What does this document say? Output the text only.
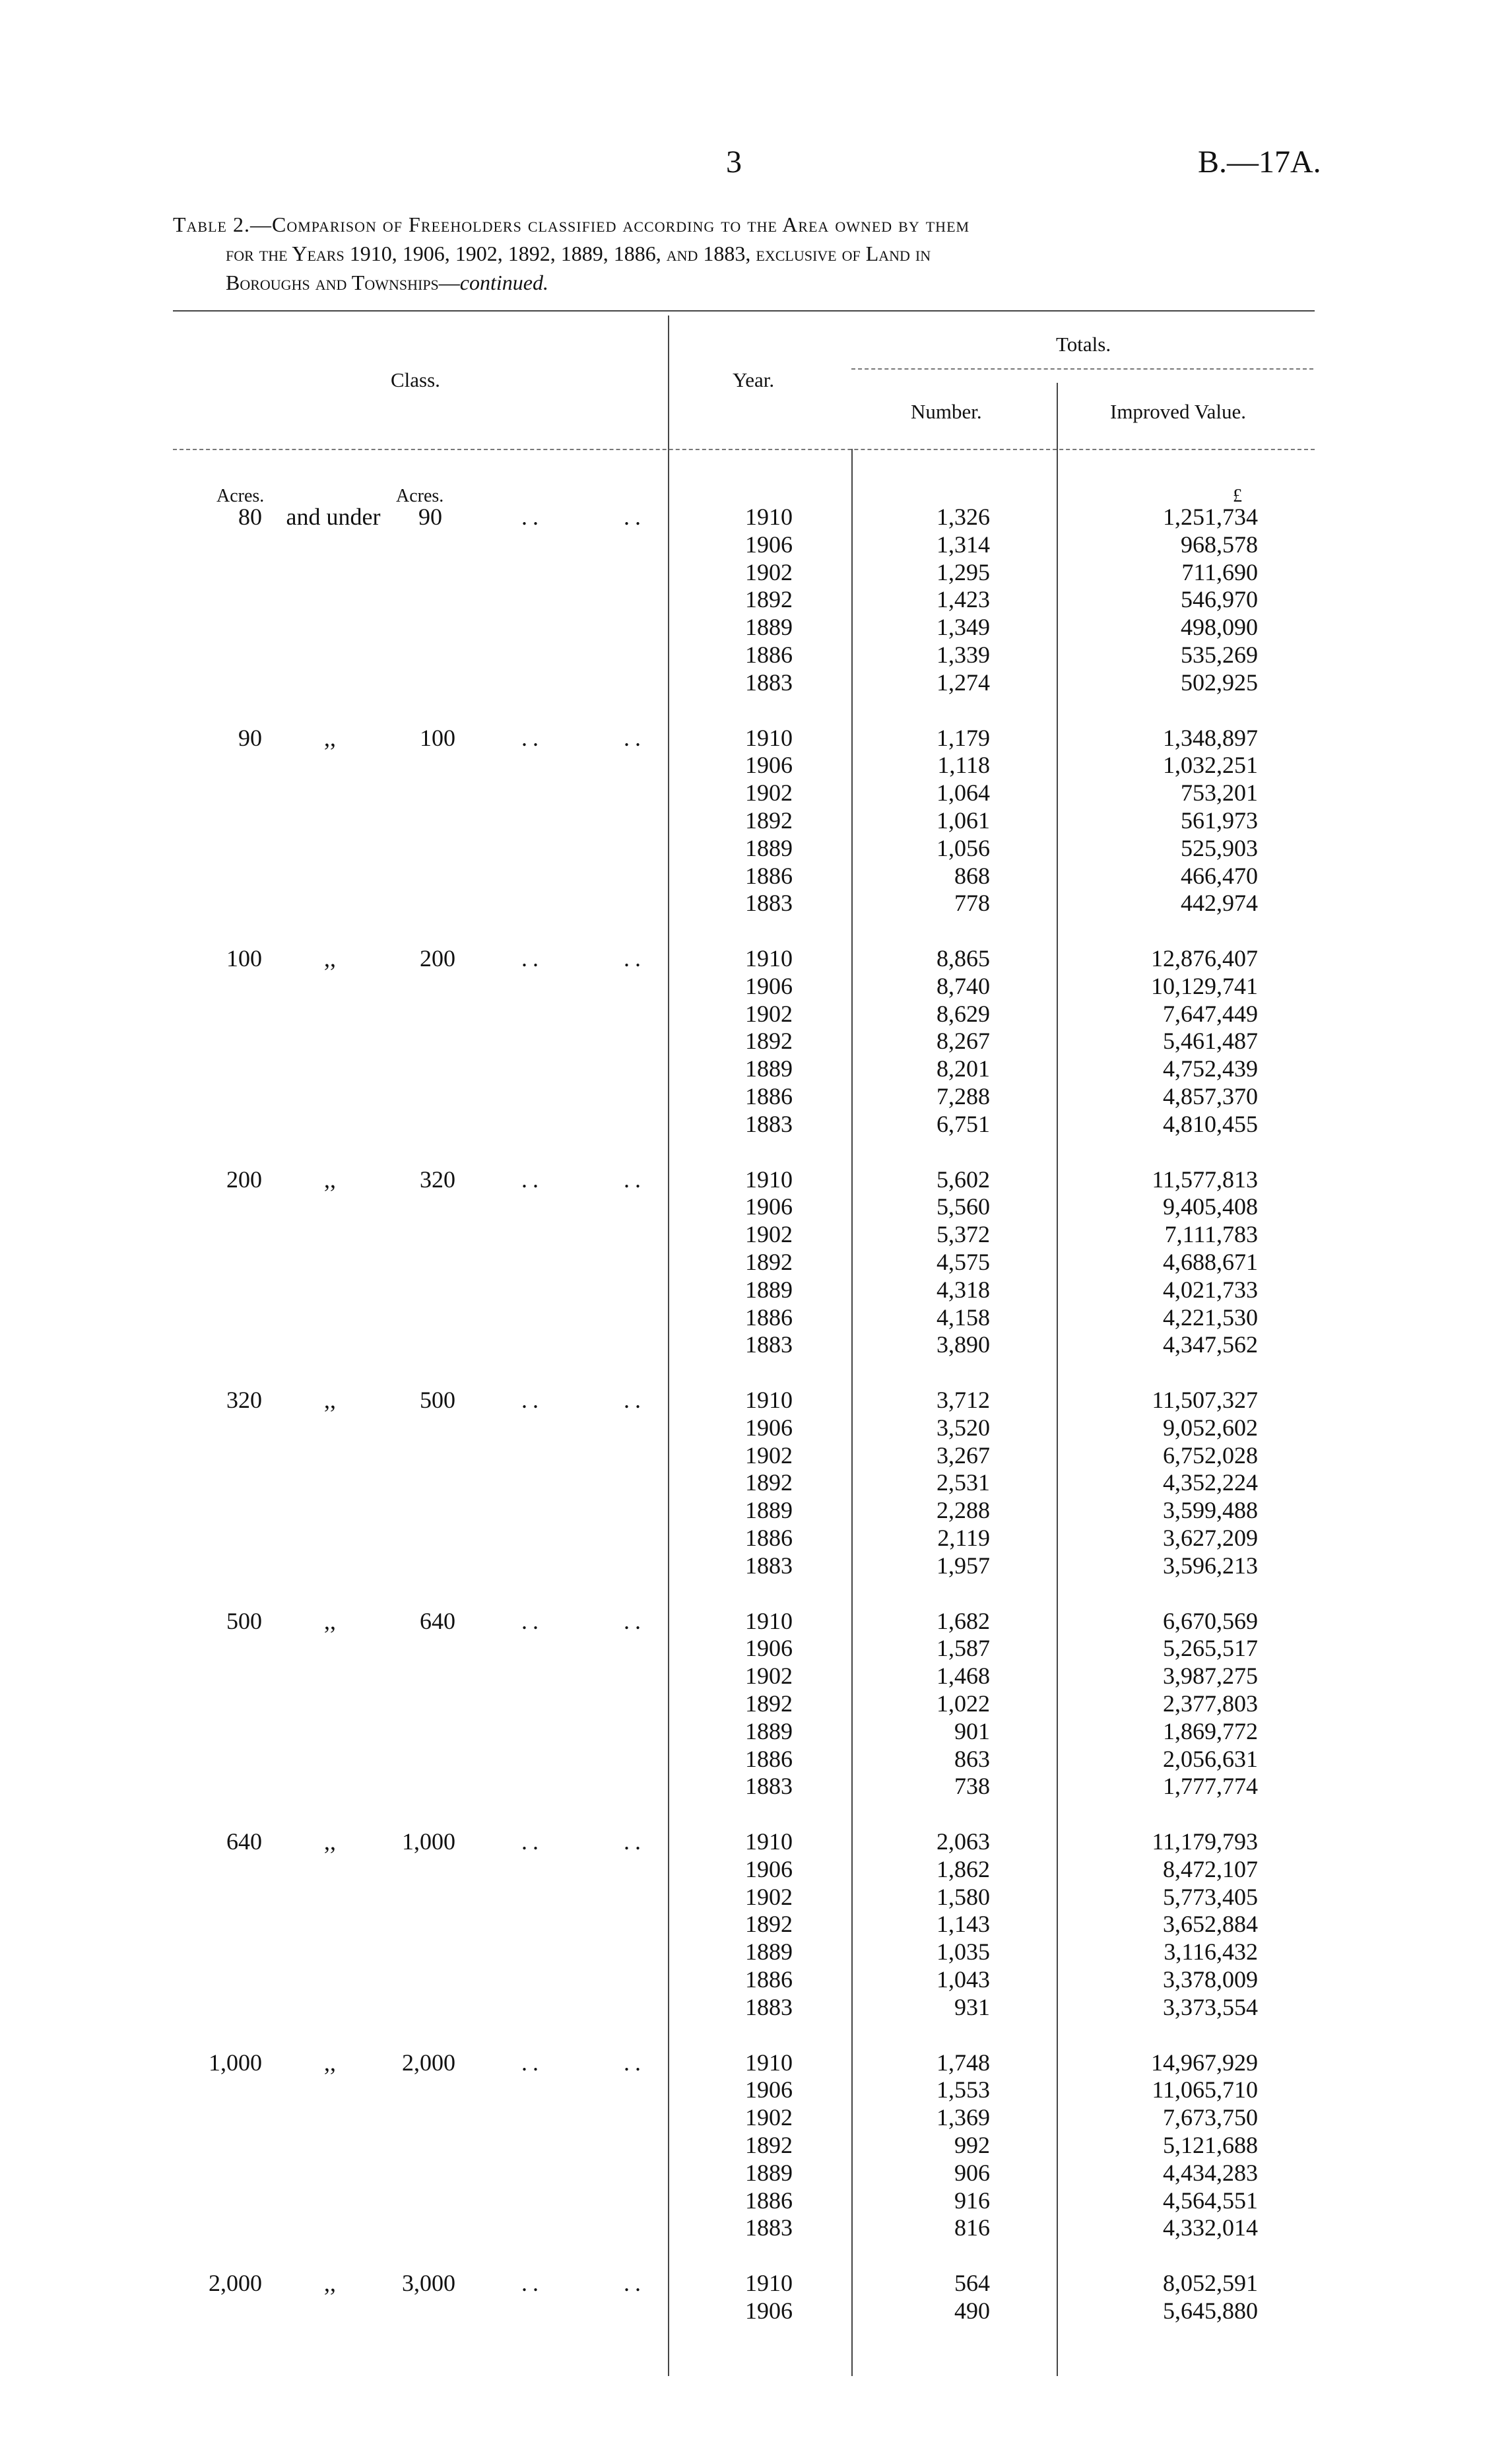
3	B.—17A.
Table 2.—Comparison of Freeholders classified according to the Area owned by them
for the Years 1910, 1906, 1902, 1892, 1889, 1886, and 1883, exclusive of Land in
Boroughs and Townships—continued.
Class.	Year.
Totals.
Number.	Improved Value.
Acres.	Acres.	£
80	and under	90	..	..	1910	1,326	1,251,734
1906	1,314	968,578
1902	1,295	711,690
1892	1,423	546,970
1889	1,349	498,090
1886	1,339	535,269
1883	1,274	502,925
90	,,	100	..	..	1910	1,179	1,348,897
1906	1,118	1,032,251
1902	1,064	753,201
1892	1,061	561,973
1889	1,056	525,903
1886	868	466,470
1883	778	442,974
100	,,	200	..	..	1910	8,865	12,876,407
1906	8,740	10,129,741
1902	8,629	7,647,449
1892	8,267	5,461,487
1889	8,201	4,752,439
1886	7,288	4,857,370
1883	6,751	4,810,455
200	,,	320	..	..	1910	5,602	11,577,813
1906	5,560	9,405,408
1902	5,372	7,111,783
1892	4,575	4,688,671
1889	4,318	4,021,733
1886	4,158	4,221,530
1883	3,890	4,347,562
320	,,	500	..	..	1910	3,712	11,507,327
1906	3,520	9,052,602
1902	3,267	6,752,028
1892	2,531	4,352,224
1889	2,288	3,599,488
1886	2,119	3,627,209
1883	1,957	3,596,213
500	,,	640	..	..	1910	1,682	6,670,569
1906	1,587	5,265,517
1902	1,468	3,987,275
1892	1,022	2,377,803
1889	901	1,869,772
1886	863	2,056,631
1883	738	1,777,774
640	,,	1,000	..	..	1910	2,063	11,179,793
1906	1,862	8,472,107
1902	1,580	5,773,405
1892	1,143	3,652,884
1889	1,035	3,116,432
1886	1,043	3,378,009
1883	931	3,373,554
1,000	,,	2,000	..	..	1910	1,748	14,967,929
1906	1,553	11,065,710
1902	1,369	7,673,750
1892	992	5,121,688
1889	906	4,434,283
1886	916	4,564,551
1883	816	4,332,014
2,000	,,	3,000	..	..	1910	564	8,052,591
1906	490	5,645,880
